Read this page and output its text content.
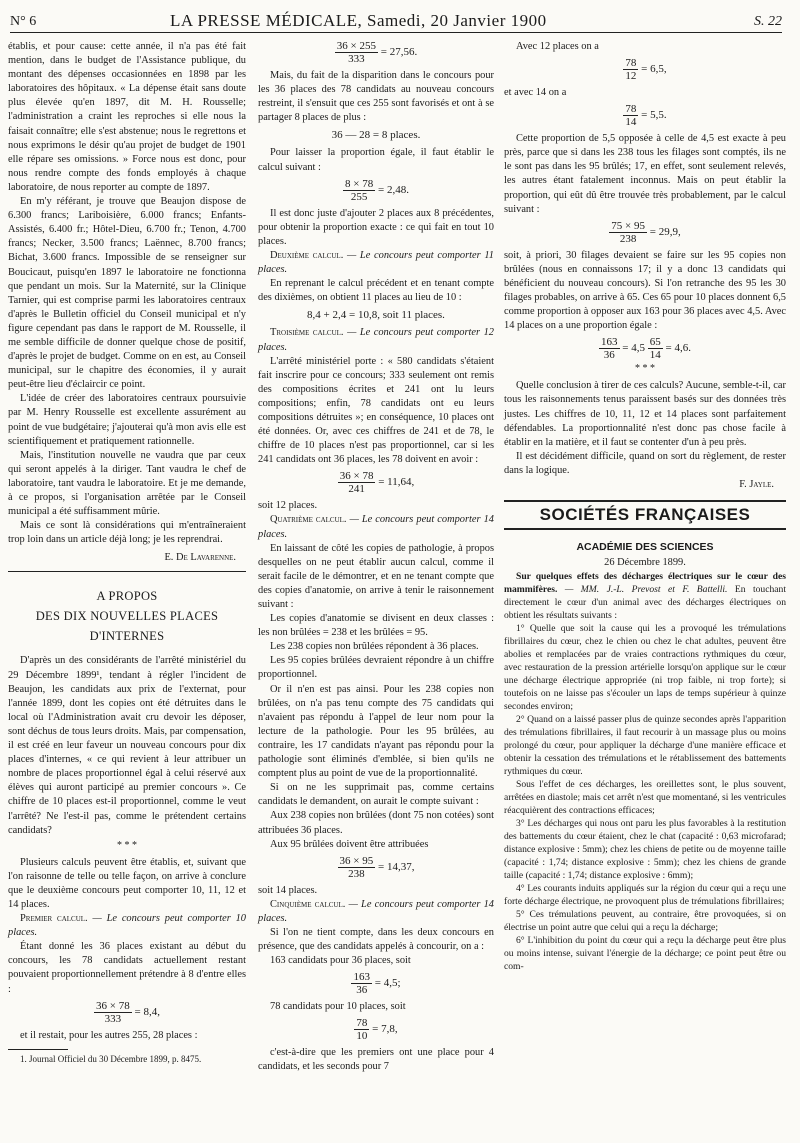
N° 6	LA PRESSE MÉDICALE, Samedi, 20 Janvier 1900	S. 22

établis, et pour cause: cette année, il n'a pas été fait mention, dans le budget de l'Assistance publique, du montant des dépenses occasionnées en 1898 par les laboratoires des hôpitaux. « La dépense était sans doute plus élevée qu'en 1897, dit M. H. Rousselle; l'administration a craint les reproches si elle nous la faisait connaître; elle s'est abstenue; nous le regrettons et nous exprimons le désir qu'au projet de budget de 1901 elle répare ses omissions. » Force nous est donc, pour nous rendre compte des fonds employés à chaque laboratoire, de nous reporter au compte de 1897.

En m'y référant, je trouve que Beaujon dispose de 6.300 francs; Lariboisière, 6.000 francs; Enfants-Assistés, 6.400 fr.; Hôtel-Dieu, 6.700 fr.; Tenon, 4.700 francs; Necker, 3.500 francs; Laënnec, 8.700 francs; Bichat, 3.600 francs. Impossible de se renseigner sur Boucicaut, puisqu'en 1897 le laboratoire ne fonctionna que pendant un mois. Sur la Maternité, sur la Clinique Tarnier, qui est comprise parmi les laboratoires centraux d'après le Bulletin officiel du Conseil municipal et n'y figure cependant pas dans le rapport de M. Rousselle, il me semble difficile de donner quelque chose de positif, d'après le projet de budget. Comme on en est, au Conseil municipal, sur le chapitre des économies, il y aurait peut-être lieu d'éclaircir ce point.

L'idée de créer des laboratoires centraux poursuivie par M. Henry Rousselle est excellente assurément au point de vue budgétaire; j'ajouterai qu'à mon avis elle est scientifiquement et pratiquement rationnelle.

Mais, l'institution nouvelle ne vaudra que par ceux qui seront appelés à la diriger. Tant vaudra le chef de laboratoire, tant vaudra le laboratoire. Et je me demande, à ce propos, si l'organisation arrêtée par le Conseil municipal a été suffisamment mûrie.

Mais ce sont là considérations qui m'entraîneraient trop loin dans un article déjà long; je les reprendrai.

E. De Lavarenne.

A PROPOS
DES DIX NOUVELLES PLACES
D'INTERNES

D'après un des considérants de l'arrêté ministériel du 29 Décembre 1899¹, tendant à régler l'incident de Beaujon, les candidats aux prix de l'externat, pour l'année 1899, dont les copies ont été détruites dans le local où l'Administration avait cru devoir les déposer, sont déchus de tous leurs droits. Mais, par compensation, il est créé en leur faveur un nouveau concours pour dix places d'internes, « ce qui revient à leur attribuer un nombre de places proportionnel égal à celui réservé aux élèves qui auront participé au premier concours ». Ce chiffre de 10 places est-il proportionnel, comme le veut l'arrêté? Ne l'est-il pas, comme le prétendent certains candidats?

* * *

Plusieurs calculs peuvent être établis, et, suivant que l'on raisonne de telle ou telle façon, on arrive à conclure que le deuxième concours peut comporter 10, 11, 12 et 14 places.

Premier calcul. — Le concours peut comporter 10 places.

Étant donné les 36 places existant au début du concours, les 78 candidats actuellement restant pouvaient proportionnellement prétendre à 8 d'entre elles :

$\frac{36 \times 78}{333} = 8,4$,

et il restait, pour les autres 255, 28 places :

1. Journal Officiel du 30 Décembre 1899, p. 8475.

$\frac{36 \times 255}{333} = 27,56$.

Mais, du fait de la disparition dans le concours pour les 36 places des 78 candidats au nouveau concours restreint, il s'ensuit que ces 255 sont favorisés et ont à se partager 8 places de plus :

36 — 28 = 8 places.

Pour laisser la proportion égale, il faut établir le calcul suivant :

$\frac{8 \times 78}{255} = 2,48$.

Il est donc juste d'ajouter 2 places aux 8 précédentes, pour obtenir la proportion exacte : ce qui fait en tout 10 places.

Deuxième calcul. — Le concours peut comporter 11 places.

En reprenant le calcul précédent et en tenant compte des dixièmes, on obtient 11 places au lieu de 10 :

8,4 + 2,4 = 10,8, soit 11 places.

Troisième calcul. — Le concours peut comporter 12 places.

L'arrêté ministériel porte : « 580 candidats s'étaient fait inscrire pour ce concours; 333 seulement ont remis des compositions écrites et 241 ont lu leurs compositions; enfin, 78 candidats ont eu leurs compositions détruites »; en conséquence, 10 places ont été données. Or, avec ces chiffres de 241 et de 78, le chiffre de 10 places n'est pas proportionnel, car si les 241 candidats ont 36 places, les 78 doivent en avoir :

$\frac{36 \times 78}{241} = 11,64$,

soit 12 places.

Quatrième calcul. — Le concours peut comporter 14 places.

En laissant de côté les copies de pathologie, à propos desquelles on ne peut établir aucun calcul, comme il serait facile de le démontrer, et en ne tenant compte que des copies d'anatomie, on arrive à tenir le raisonnement suivant :

Les copies d'anatomie se divisent en deux classes : les non brûlées = 238 et les brûlées = 95.

Les 238 copies non brûlées répondent à 36 places.

Les 95 copies brûlées devraient répondre à un chiffre proportionnel.

Or il n'en est pas ainsi. Pour les 238 copies non brûlées, on n'a pas tenu compte des 75 candidats qui n'avaient pas répondu à l'appel de leur nom pour la lecture de la pathologie. Pour les 95 brûlées, au contraire, les 17 candidats n'ayant pas répondu pour la pathologie sont éliminés d'emblée, si bien qu'ils ne comptent plus au point de vue de la proportionnalité.

Si on ne les supprimait pas, comme certains candidats le demandent, on aurait le compte suivant :

Aux 238 copies non brûlées (dont 75 non cotées) sont attribuées 36 places.

Aux 95 brûlées doivent être attribuées

$\frac{36 \times 95}{238} = 14,37$,

soit 14 places.

Cinquième calcul. — Le concours peut comporter 14 places.

Si l'on ne tient compte, dans les deux concours en présence, que des candidats appelés à concourir, on a :

163 candidats pour 36 places, soit

$\frac{163}{36} = 4,5$;

78 candidats pour 10 places, soit

$\frac{78}{10} = 7,8$,

c'est-à-dire que les premiers ont une place pour 4 candidats, et les seconds pour 7

Avec 12 places on a

$\frac{78}{12} = 6,5$,

et avec 14 on a

$\frac{78}{14} = 5,5$.

Cette proportion de 5,5 opposée à celle de 4,5 est exacte à peu près, parce que si dans les 238 tous les filages sont comptés, ils ne le sont pas dans les 95 brûlés; 17, en effet, sont seulement relevés, les autres étant fatalement inconnus. Mais on peut établir la proportion, qui eût dû être trouvée très probablement, par le calcul suivant :

$\frac{75 \times 95}{238} = 29,9$,

soit, à priori, 30 filages devaient se faire sur les 95 copies non brûlées (nous en connaissons 17; il y a donc 13 candidats qui bénéficient du nouveau concours). Si l'on retranche des 95 les 30 filages probables, on arrive à 65. Ces 65 pour 10 places donnent 6,5 comme proportion à opposer aux 163 pour 36 places avec 4,5. Avec 14 places on a une proportion égale :

$\frac{163}{36} = 4,5 \frac{65}{14} = 4,6$.
* * *

Quelle conclusion à tirer de ces calculs? Aucune, semble-t-il, car tous les raisonnements tenus paraissent basés sur des données très justes. Les chiffres de 10, 11, 12 et 14 places sont parfaitement défendables. La proportionnalité n'est donc pas chose facile à établir en la matière, et il faut se contenter d'un à peu près.

Il est décidément difficile, quand on sort du règlement, de rester dans la logique.

F. Jayle.

SOCIÉTÉS FRANÇAISES
ACADÉMIE DES SCIENCES

26 Décembre 1899.

Sur quelques effets des décharges électriques sur le cœur des mammifères. — MM. J.-L. Prevost et F. Battelli. En touchant directement le cœur d'un animal avec des décharges électriques on obtient les résultats suivants :

1° Quelle que soit la cause qui les a provoqué les trémulations fibrillaires du cœur, chez le chien ou chez le chat adultes, peuvent être abolies et remplacées par de vraies contractions rythmiques du cœur, avec restauration de la pression artérielle lorsqu'on applique sur le cœur une décharge électrique appropriée (ni trop faible, ni trop forte); si toutefois on ne laisse pas s'écouler un laps de temps supérieur à quinze secondes environ;

2° Quand on a laissé passer plus de quinze secondes après l'apparition des trémulations fibrillaires, il faut recourir à un massage plus ou moins prolongé du cœur, pour appliquer la décharge d'une manière efficace et obtenir la cessation des trémulations et le rétablissement des battements rythmiques du cœur.

Sous l'effet de ces décharges, les oreillettes sont, le plus souvent, arrêtées en diastole; mais cet arrêt n'est que momentané, si les ventricules réacquièrent des contractions efficaces;

3° Les décharges qui nous ont paru les plus favorables à la restitution des battements du cœur étaient, chez le chat (capacité : 0,63 microfarad; distance explosive : 5mm); chez les chiens de petite ou de moyenne taille (capacité : 1,74; distance explosive : 5mm); chez les chiens de grande taille (capacité : 1,74; distance explosive : 6mm);

4° Les courants induits appliqués sur la région du cœur qui a reçu une forte décharge électrique, ne provoquent plus de trémulations fibrillaires;

5° Ces trémulations peuvent, au contraire, être provoquées, si on électrise un point autre que celui qui a reçu la décharge;

6° L'inhibition du point du cœur qui a reçu la décharge peut être plus ou moins intense, suivant l'énergie de la décharge; ce point peut être ou com-
